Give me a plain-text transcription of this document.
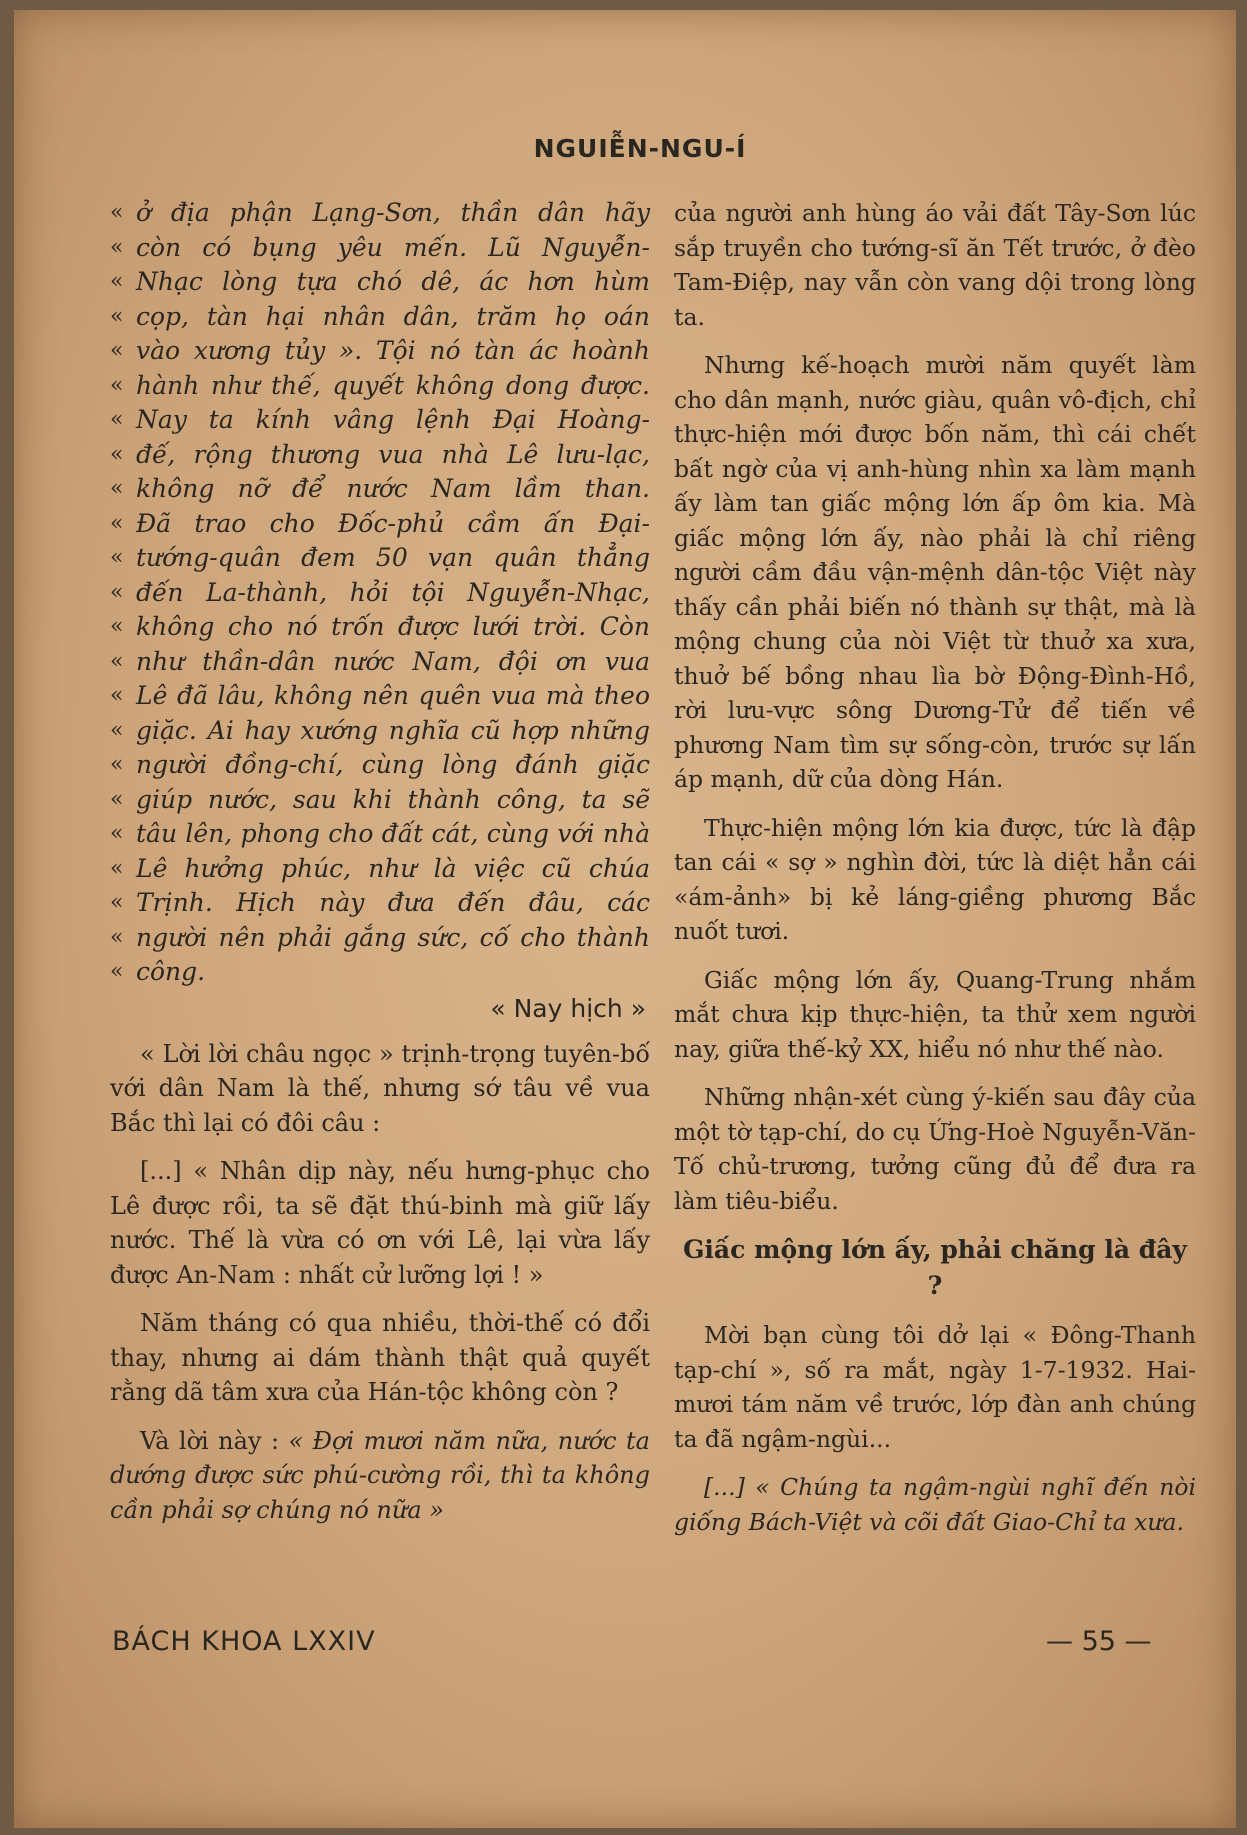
NGUIỄN-NGU-Í
« ở địa phận Lạng-Sơn, thần dân hãy
« còn có bụng yêu mến. Lũ Nguyễn-
« Nhạc lòng tựa chó dê, ác hơn hùm
« cọp, tàn hại nhân dân, trăm họ oán
« vào xương tủy ». Tội nó tàn ác hoành
« hành như thế, quyết không dong được.
« Nay ta kính vâng lệnh Đại Hoàng-
« đế, rộng thương vua nhà Lê lưu-lạc,
« không nỡ để nước Nam lầm than.
« Đã trao cho Đốc-phủ cầm ấn Đại-
« tướng-quân đem 50 vạn quân thẳng
« đến La-thành, hỏi tội Nguyễn-Nhạc,
« không cho nó trốn được lưới trời. Còn
« như thần-dân nước Nam, đội ơn vua
« Lê đã lâu, không nên quên vua mà theo
« giặc. Ai hay xướng nghĩa cũ hợp những
« người đồng-chí, cùng lòng đánh giặc
« giúp nước, sau khi thành công, ta sẽ
« tâu lên, phong cho đất cát, cùng với nhà
« Lê hưởng phúc, như là việc cũ chúa
« Trịnh. Hịch này đưa đến đâu, các
« người nên phải gắng sức, cố cho thành
« công.
« Nay hịch »

« Lời lời châu ngọc » trịnh-trọng tuyên-bố với dân Nam là thế, nhưng sớ tâu về vua Bắc thì lại có đôi câu :

[...] « Nhân dịp này, nếu hưng-phục cho Lê được rồi, ta sẽ đặt thú-binh mà giữ lấy nước. Thế là vừa có ơn với Lê, lại vừa lấy được An-Nam : nhất cử lưỡng lợi ! »

Năm tháng có qua nhiều, thời-thế có đổi thay, nhưng ai dám thành thật quả quyết rằng dã tâm xưa của Hán-tộc không còn ?

Và lời này : « Đợi mươi năm nữa, nước ta dướng được sức phú-cường rồi, thì ta không cần phải sợ chúng nó nữa »

của người anh hùng áo vải đất Tây-Sơn lúc sắp truyền cho tướng-sĩ ăn Tết trước, ở đèo Tam-Điệp, nay vẫn còn vang dội trong lòng ta.

Nhưng kế-hoạch mười năm quyết làm cho dân mạnh, nước giàu, quân vô-địch, chỉ thực-hiện mới được bốn năm, thì cái chết bất ngờ của vị anh-hùng nhìn xa làm mạnh ấy làm tan giấc mộng lớn ấp ôm kia. Mà giấc mộng lớn ấy, nào phải là chỉ riêng người cầm đầu vận-mệnh dân-tộc Việt này thấy cần phải biến nó thành sự thật, mà là mộng chung của nòi Việt từ thuở xa xưa, thuở bế bồng nhau lìa bờ Động-Đình-Hồ, rời lưu-vực sông Dương-Tử để tiến về phương Nam tìm sự sống-còn, trước sự lấn áp mạnh, dữ của dòng Hán.

Thực-hiện mộng lớn kia được, tức là đập tan cái « sợ » nghìn đời, tức là diệt hẳn cái «ám-ảnh» bị kẻ láng-giềng phương Bắc nuốt tươi.

Giấc mộng lớn ấy, Quang-Trung nhắm mắt chưa kịp thực-hiện, ta thử xem người nay, giữa thế-kỷ XX, hiểu nó như thế nào.

Những nhận-xét cùng ý-kiến sau đây của một tờ tạp-chí, do cụ Ứng-Hoè Nguyễn-Văn-Tố chủ-trương, tưởng cũng đủ để đưa ra làm tiêu-biểu.

Giấc mộng lớn ấy, phải chăng là đây ?

Mời bạn cùng tôi dở lại « Đông-Thanh tạp-chí », số ra mắt, ngày 1-7-1932. Hai-mươi tám năm về trước, lớp đàn anh chúng ta đã ngậm-ngùi...

[...] « Chúng ta ngậm-ngùi nghĩ đến nòi giống Bách-Việt và cõi đất Giao-Chỉ ta xưa.

BÁCH KHOA LXXIV	— 55 —
